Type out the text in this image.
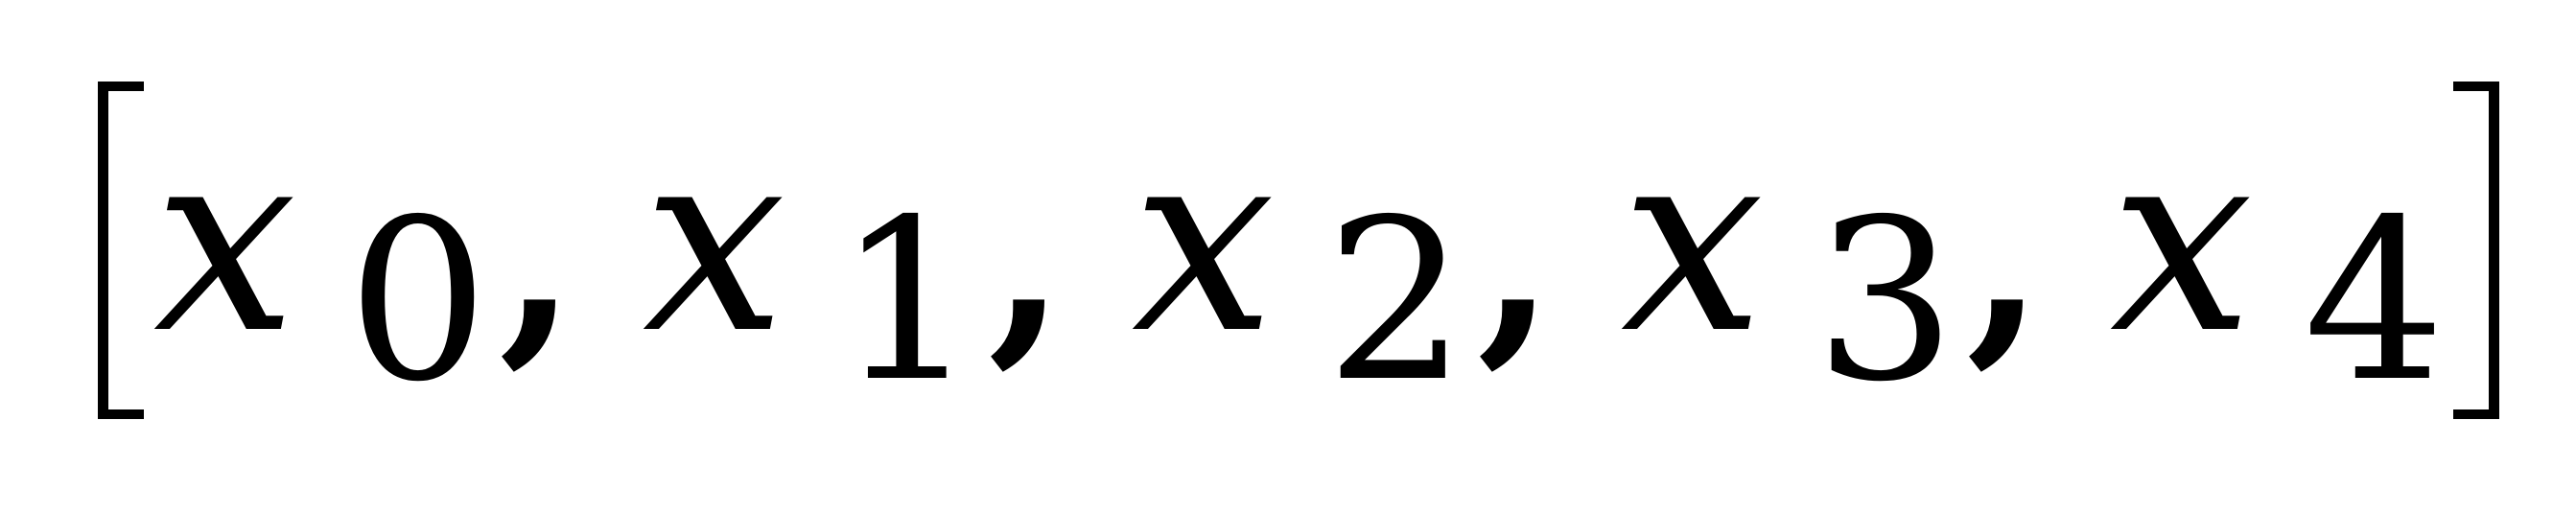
x 0 , x 1 , x 2 , x 3 , x 4
